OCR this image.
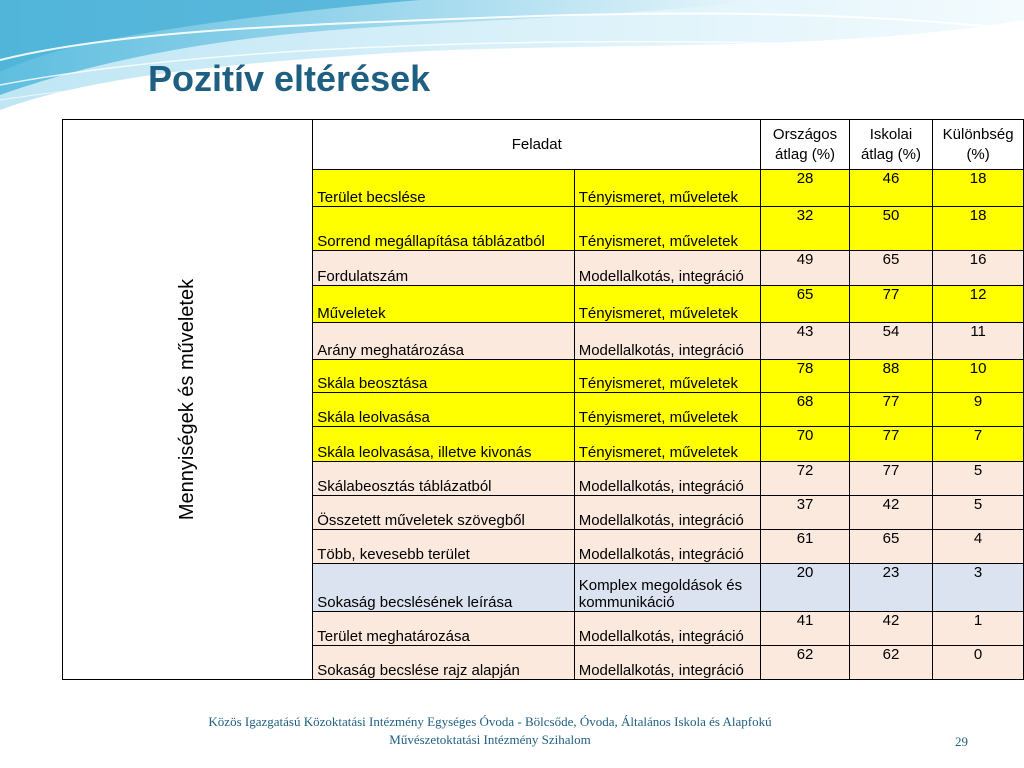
Pozitív eltérések
Mennyiségek és műveletek	Feladat		Országos átlag (%)	Iskolai átlag (%)	Különbség (%)
	Terület becslése	Tényismeret, műveletek	28	46	18
	Sorrend megállapítása táblázatból	Tényismeret, műveletek	32	50	18
	Fordulatszám	Modellalkotás, integráció	49	65	16
	Műveletek	Tényismeret, műveletek	65	77	12
	Arány meghatározása	Modellalkotás, integráció	43	54	11
	Skála beosztása	Tényismeret, műveletek	78	88	10
	Skála leolvasása	Tényismeret, műveletek	68	77	9
	Skála leolvasása, illetve kivonás	Tényismeret, műveletek	70	77	7
	Skálabeosztás táblázatból	Modellalkotás, integráció	72	77	5
	Összetett műveletek szövegből	Modellalkotás, integráció	37	42	5
	Több, kevesebb terület	Modellalkotás, integráció	61	65	4
	Sokaság becslésének leírása	Komplex megoldások és kommunikáció	20	23	3
	Terület meghatározása	Modellalkotás, integráció	41	42	1
	Sokaság becslése rajz alapján	Modellalkotás, integráció	62	62	0
Közös Igazgatású Közoktatási Intézmény Egységes Óvoda - Bölcsőde, Óvoda, Általános Iskola és Alapfokú
Művészetoktatási Intézmény Szihalom	29
